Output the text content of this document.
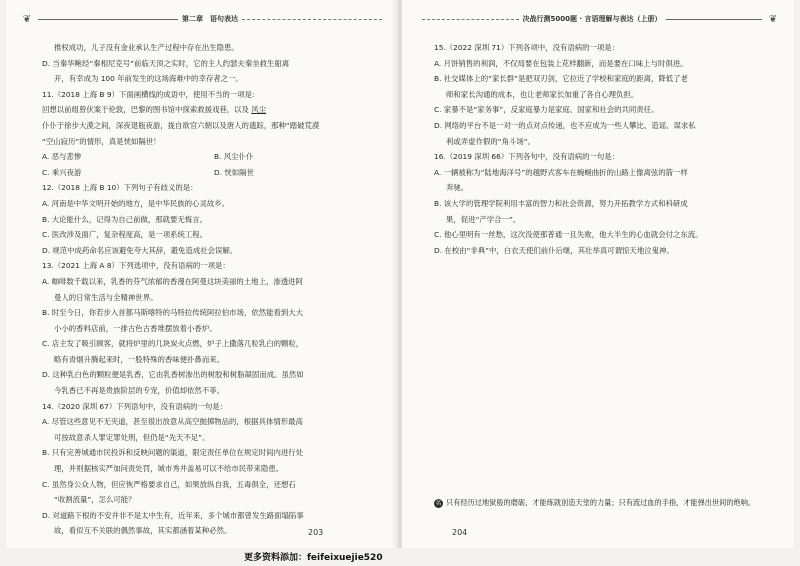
❦	第二章　语句表达
推权成功，儿子没有金业承认生产过程中存在出生隐患。
D. 当秦华鲍经“秦相尼克号”前临天顶之实时，它的主人约瑟夫秦坐救生船离
开，有幸成为 100 年前发生的这场海难中的幸存者之一。
11.（2018 上海 B 9）下面画横线的成语中，使用不当的一项是：
回想以前组曾伏案于伦敦，巴黎的图书馆中探索救援戏巷，以及 风尘
仆仆于徐步大漠之间，深夜退瓶夜游，拢自欲官六朝以及唐人的遗踪，那种“踏破荒漠
“空山寂历”的情形，真是恍如隔世！
A. 恶与悲惨	B. 风尘仆仆
C. 乘兴夜游	D. 恍如隔世
12.（2018 上海 B 10）下列句子有歧义的是：
A. 河南是中华文明开始的地方，是中华民族的心灵故乡。
B. 大论能什么，记得为自己前做，那就要无悔言。
C. 医改涉及面广，复杂程度高，是一项系统工程。
D. 规范中成药命名应该避免夸大其辞，避免造成社会误解。
13.（2021 上海 A 8）下列选项中，没有语病的一项是：
A. 咖啡数千载以来，乳香的芬气浓郁的香漫在阿曼这块美丽的土地上，渗透进阿
曼人的日常生活与全精神世界。
B. 时至今日，你若步入首都马斯喀特的马特拉传统阿拉伯市场，依然能看到大大
小小的香料店前，一排古色古香堆摆放着小香炉。
C. 店主发了吸引顾客，就将炉里的几块炭火点燃，炉子上撒落几粒乳白的颗粒，
略有青烟升腾起来时，一股特殊的香味便扑鼻而来。
D. 这种乳白色的颗粒便是乳香，它由乳香树渗出的树胶和树脂凝固而成。虽然如
今乳香已不再是贵族阶层的专宠，价值却依然不菲。
14.（2020 深圳 67）下列语句中，没有语病的一句是：
A. 尽管这些意见不无夹道，甚至很出放意从高空抛掷物品的，根据具体情形最高
可按故意杀人罪定罪处刑，但仍是“先天不足”。
B. 只有完善城通市民投诉和反映问题的渠道，限定责任单位在规定时间内进行处
理，并则据核实严加问责处罚，城市秀井盖易可以不给市民带来隐患。
C. 虽然身公众人物，但应恢严格要求自己，如果放纵自我，五毒俱全，还想石
“收割流量”，怎么可能？
D. 对道路下根的不安并非不是太中生有，近年来，多个城市都曾发生路面塌陷事
故，看似互不关联的偶然事故，其实都涵着某种必然。	203
决战行测5000题 · 言语理解与表达（上册）	❦
15.（2022 深圳 71）下列各项中，没有语病的一项是：
A. 月饼销售的利润，不仅局要在包装上花样翻新，而是要在口味上与时俱进。
B. 社交媒体上的“家长群”是把双刃剑，它拉近了学校和家庭的距离，降低了老
师和家长沟通的成本，也让老师家长加重了各自心理负担。
C. 家暴不是“家务事”，反家庭暴力是家庭、国家和社会的共同责任。
D. 网络的平台不是一对一的点对点传递，也不应成为一些人攀比、造谣、谋求私
利或弄虚作假的“角斗场”。
16.（2019 深圳 66）下列各句中，没有语病的一句是：
A. 一辆被称为“陆地海洋号”的越野式客车在蜿蜒曲折的山路上像离弦的箭一样
奔驰。
B. 该大学的管理学院利用丰富的智力和社会资源，努力开拓教学方式和科研成
果，促进“产学合一”。
C. 他心里明有一丝愁，这次没使那普通一且失败，他大半生的心血就会付之东流。
D. 在校由“非典”中，白衣天使们前仆后继，其壮举真可谓惊天地泣鬼神。
名 只有经历过地狱般的磨砺，才能练就创造天堂的力量；只有流过血的手指，才能弹出世间的绝响。
204
更多资料添加：feifeixuejie520
